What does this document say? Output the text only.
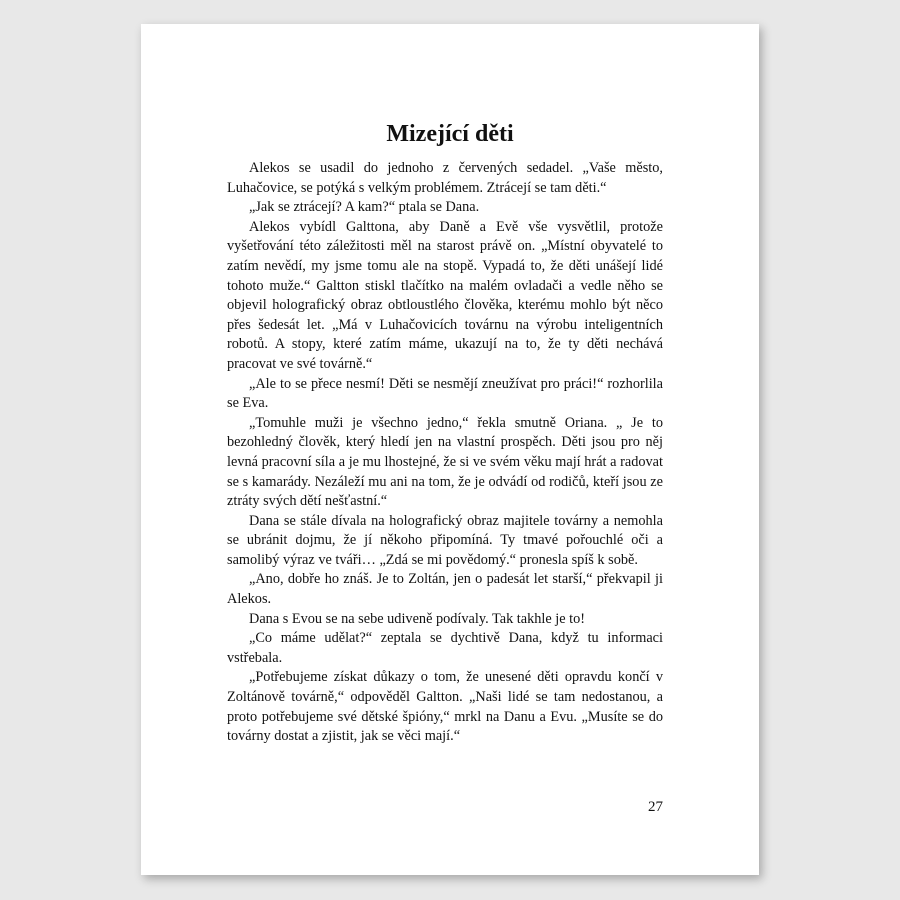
Mizející děti

Alekos se usadil do jednoho z červených sedadel. „Vaše město, Luhačovice, se potýká s velkým problémem. Ztrácejí se tam děti.“

„Jak se ztrácejí? A kam?“ ptala se Dana.

Alekos vybídl Galttona, aby Daně a Evě vše vysvětlil, protože vyšetřování této záležitosti měl na starost právě on. „Místní obyvatelé to zatím nevědí, my jsme tomu ale na stopě. Vypadá to, že děti unášejí lidé tohoto muže.“ Galtton stiskl tlačítko na malém ovladači a vedle něho se objevil holografický obraz obtloustlého člověka, kterému mohlo být něco přes šedesát let. „Má v Luhačovicích továrnu na výrobu inteligentních robotů. A stopy, které zatím máme, ukazují na to, že ty děti nechává pracovat ve své továrně.“

„Ale to se přece nesmí! Děti se nesmějí zneužívat pro práci!“ rozhorlila se Eva.

„Tomuhle muži je všechno jedno,“ řekla smutně Oriana. „ Je to bezohledný člověk, který hledí jen na vlastní prospěch. Děti jsou pro něj levná pracovní síla a je mu lhostejné, že si ve svém věku mají hrát a radovat se s kamarády. Nezáleží mu ani na tom, že je odvádí od rodičů, kteří jsou ze ztráty svých dětí nešťastní.“

Dana se stále dívala na holografický obraz majitele továrny a nemohla se ubránit dojmu, že jí někoho připomíná. Ty tmavé pořouchlé oči a samolibý výraz ve tváři… „Zdá se mi povědomý.“ pronesla spíš k sobě.

„Ano, dobře ho znáš. Je to Zoltán, jen o padesát let starší,“ překvapil ji Alekos.

Dana s Evou se na sebe udiveně podívaly. Tak takhle je to!

„Co máme udělat?“ zeptala se dychtivě Dana, když tu informaci vstřebala.

„Potřebujeme získat důkazy o tom, že unesené děti opravdu končí v Zoltánově továrně,“ odpověděl Galtton. „Naši lidé se tam nedostanou, a proto potřebujeme své dětské špióny,“ mrkl na Danu a Evu. „Musíte se do továrny dostat a zjistit, jak se věci mají.“

27
